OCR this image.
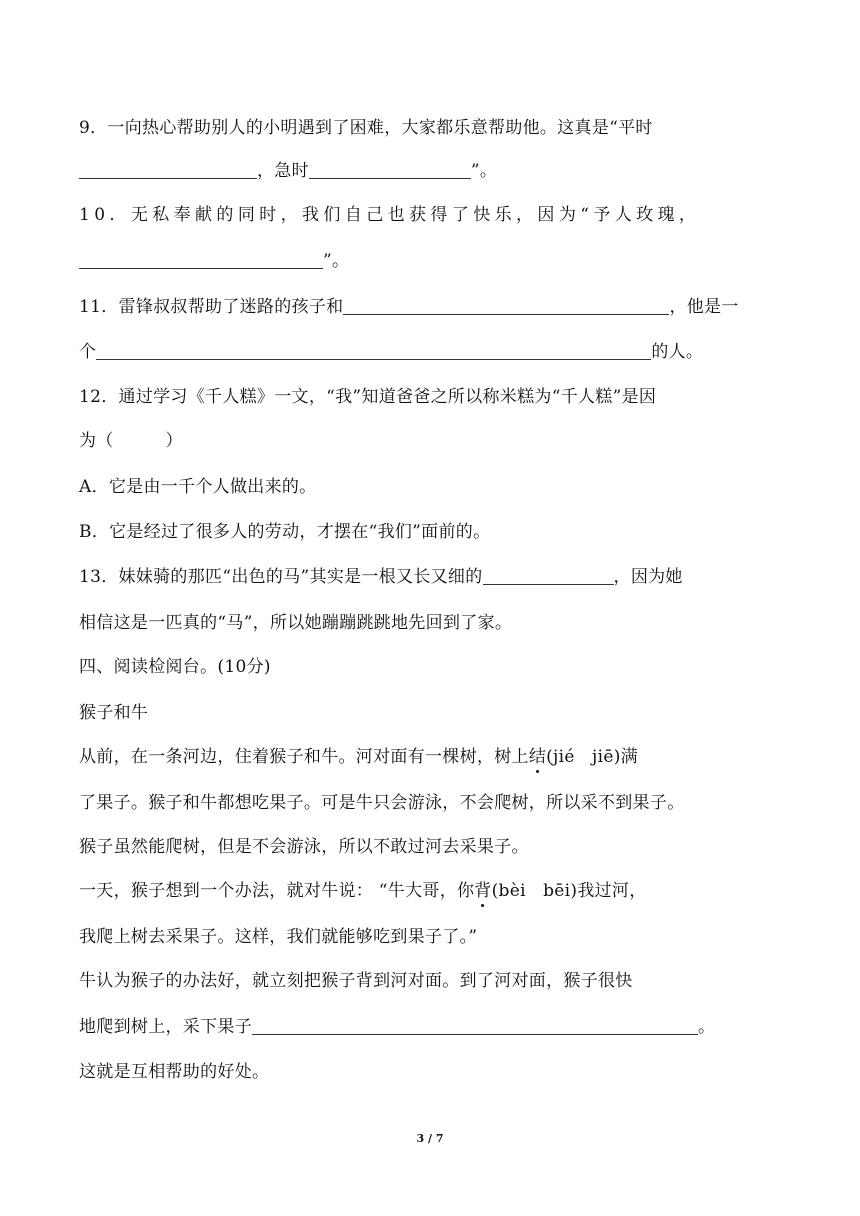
9．一向热心帮助别人的小明遇到了困难，大家都乐意帮助他。这真是“平时
，急时	”。
10．无私奉献的同时，我们自己也获得了快乐，因为“予人玫瑰，
”。
11．雷锋叔叔帮助了迷路的孩子和	，他是一
个	的人。
12．通过学习《千人糕》一文，“我”知道爸爸之所以称米糕为“千人糕”是因
为（　　　）
A．它是由一千个人做出来的。
B．它是经过了很多人的劳动，才摆在“我们”面前的。
13．妹妹骑的那匹“出色的马”其实是一根又长又细的	，因为她
相信这是一匹真的“马”，所以她蹦蹦跳跳地先回到了家。
四、阅读检阅台。(10分)
猴子和牛
从前，在一条河边，住着猴子和牛。河对面有一棵树，树上结(jié　jiē)满
了果子。猴子和牛都想吃果子。可是牛只会游泳，不会爬树，所以采不到果子。
猴子虽然能爬树，但是不会游泳，所以不敢过河去采果子。
一天，猴子想到一个办法，就对牛说： “牛大哥，你背(bèi　bēi)我过河，
我爬上树去采果子。这样，我们就能够吃到果子了。”
牛认为猴子的办法好，就立刻把猴子背到河对面。到了河对面，猴子很快
地爬到树上，采下果子	。
这就是互相帮助的好处。
3 / 7
